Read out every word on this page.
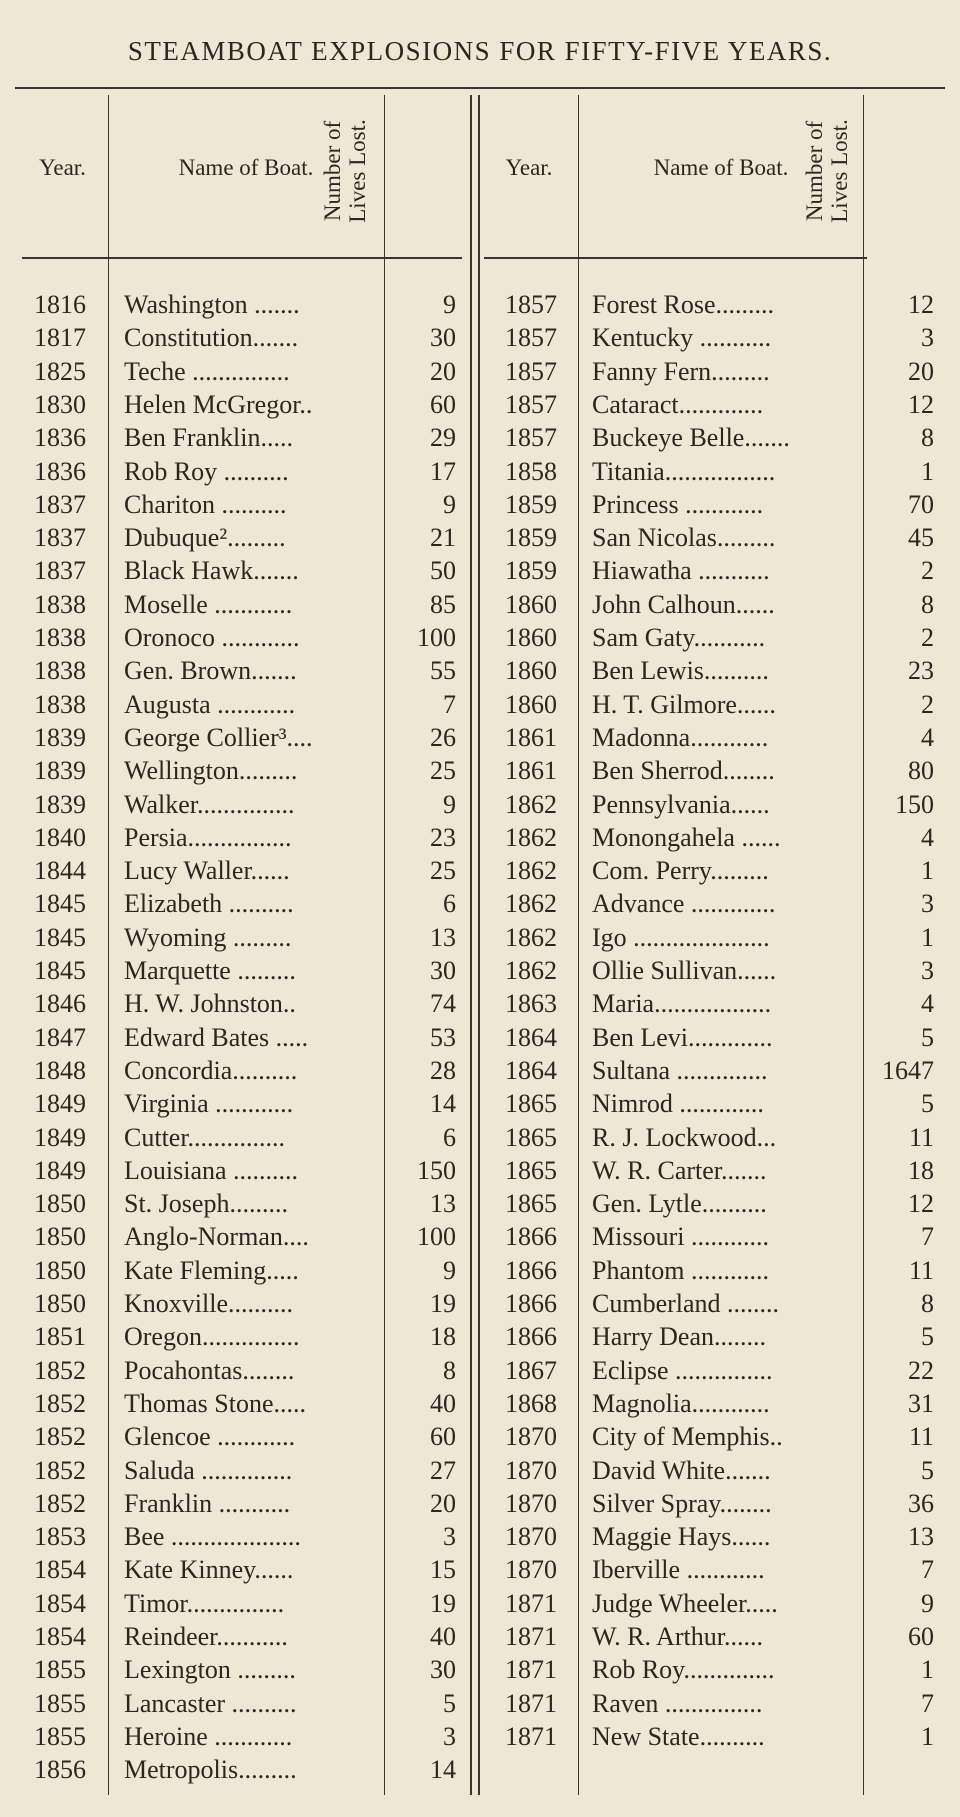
STEAMBOAT EXPLOSIONS FOR FIFTY-FIVE YEARS.
Year.	Name of Boat. Number of Lives Lost.	Year.	Name of Boat. Number of Lives Lost.
1816	Washington .......	9
1817	Constitution.......	30
1825	Teche ...............	20
1830	Helen McGregor..	60
1836	Ben Franklin.....	29
1836	Rob Roy ..........	17
1837	Chariton ..........	9
1837	Dubuque².........	21
1837	Black Hawk.......	50
1838	Moselle ............	85
1838	Oronoco ............	100
1838	Gen. Brown.......	55
1838	Augusta ............	7
1839	George Collier³....	26
1839	Wellington.........	25
1839	Walker...............	9
1840	Persia................	23
1844	Lucy Waller......	25
1845	Elizabeth ..........	6
1845	Wyoming .........	13
1845	Marquette .........	30
1846	H. W. Johnston..	74
1847	Edward Bates .....	53
1848	Concordia..........	28
1849	Virginia ............	14
1849	Cutter...............	6
1849	Louisiana ..........	150
1850	St. Joseph.........	13
1850	Anglo-Norman....	100
1850	Kate Fleming.....	9
1850	Knoxville..........	19
1851	Oregon...............	18
1852	Pocahontas........	8
1852	Thomas Stone.....	40
1852	Glencoe ............	60
1852	Saluda ..............	27
1852	Franklin ...........	20
1853	Bee ....................	3
1854	Kate Kinney......	15
1854	Timor...............	19
1854	Reindeer...........	40
1855	Lexington .........	30
1855	Lancaster ..........	5
1855	Heroine ............	3
1856	Metropolis.........	14
1857	Forest Rose.........	12
1857	Kentucky ...........	3
1857	Fanny Fern.........	20
1857	Cataract.............	12
1857	Buckeye Belle.......	8
1858	Titania.................	1
1859	Princess ............	70
1859	San Nicolas.........	45
1859	Hiawatha ...........	2
1860	John Calhoun......	8
1860	Sam Gaty...........	2
1860	Ben Lewis..........	23
1860	H. T. Gilmore......	2
1861	Madonna............	4
1861	Ben Sherrod........	80
1862	Pennsylvania......	150
1862	Monongahela ......	4
1862	Com. Perry.........	1
1862	Advance .............	3
1862	Igo .....................	1
1862	Ollie Sullivan......	3
1863	Maria..................	4
1864	Ben Levi.............	5
1864	Sultana ..............	1647
1865	Nimrod .............	5
1865	R. J. Lockwood...	11
1865	W. R. Carter.......	18
1865	Gen. Lytle..........	12
1866	Missouri ............	7
1866	Phantom ............	11
1866	Cumberland ........	8
1866	Harry Dean........	5
1867	Eclipse ...............	22
1868	Magnolia............	31
1870	City of Memphis..	11
1870	David White.......	5
1870	Silver Spray........	36
1870	Maggie Hays......	13
1870	Iberville ............	7
1871	Judge Wheeler.....	9
1871	W. R. Arthur......	60
1871	Rob Roy..............	1
1871	Raven ...............	7
1871	New State..........	1
